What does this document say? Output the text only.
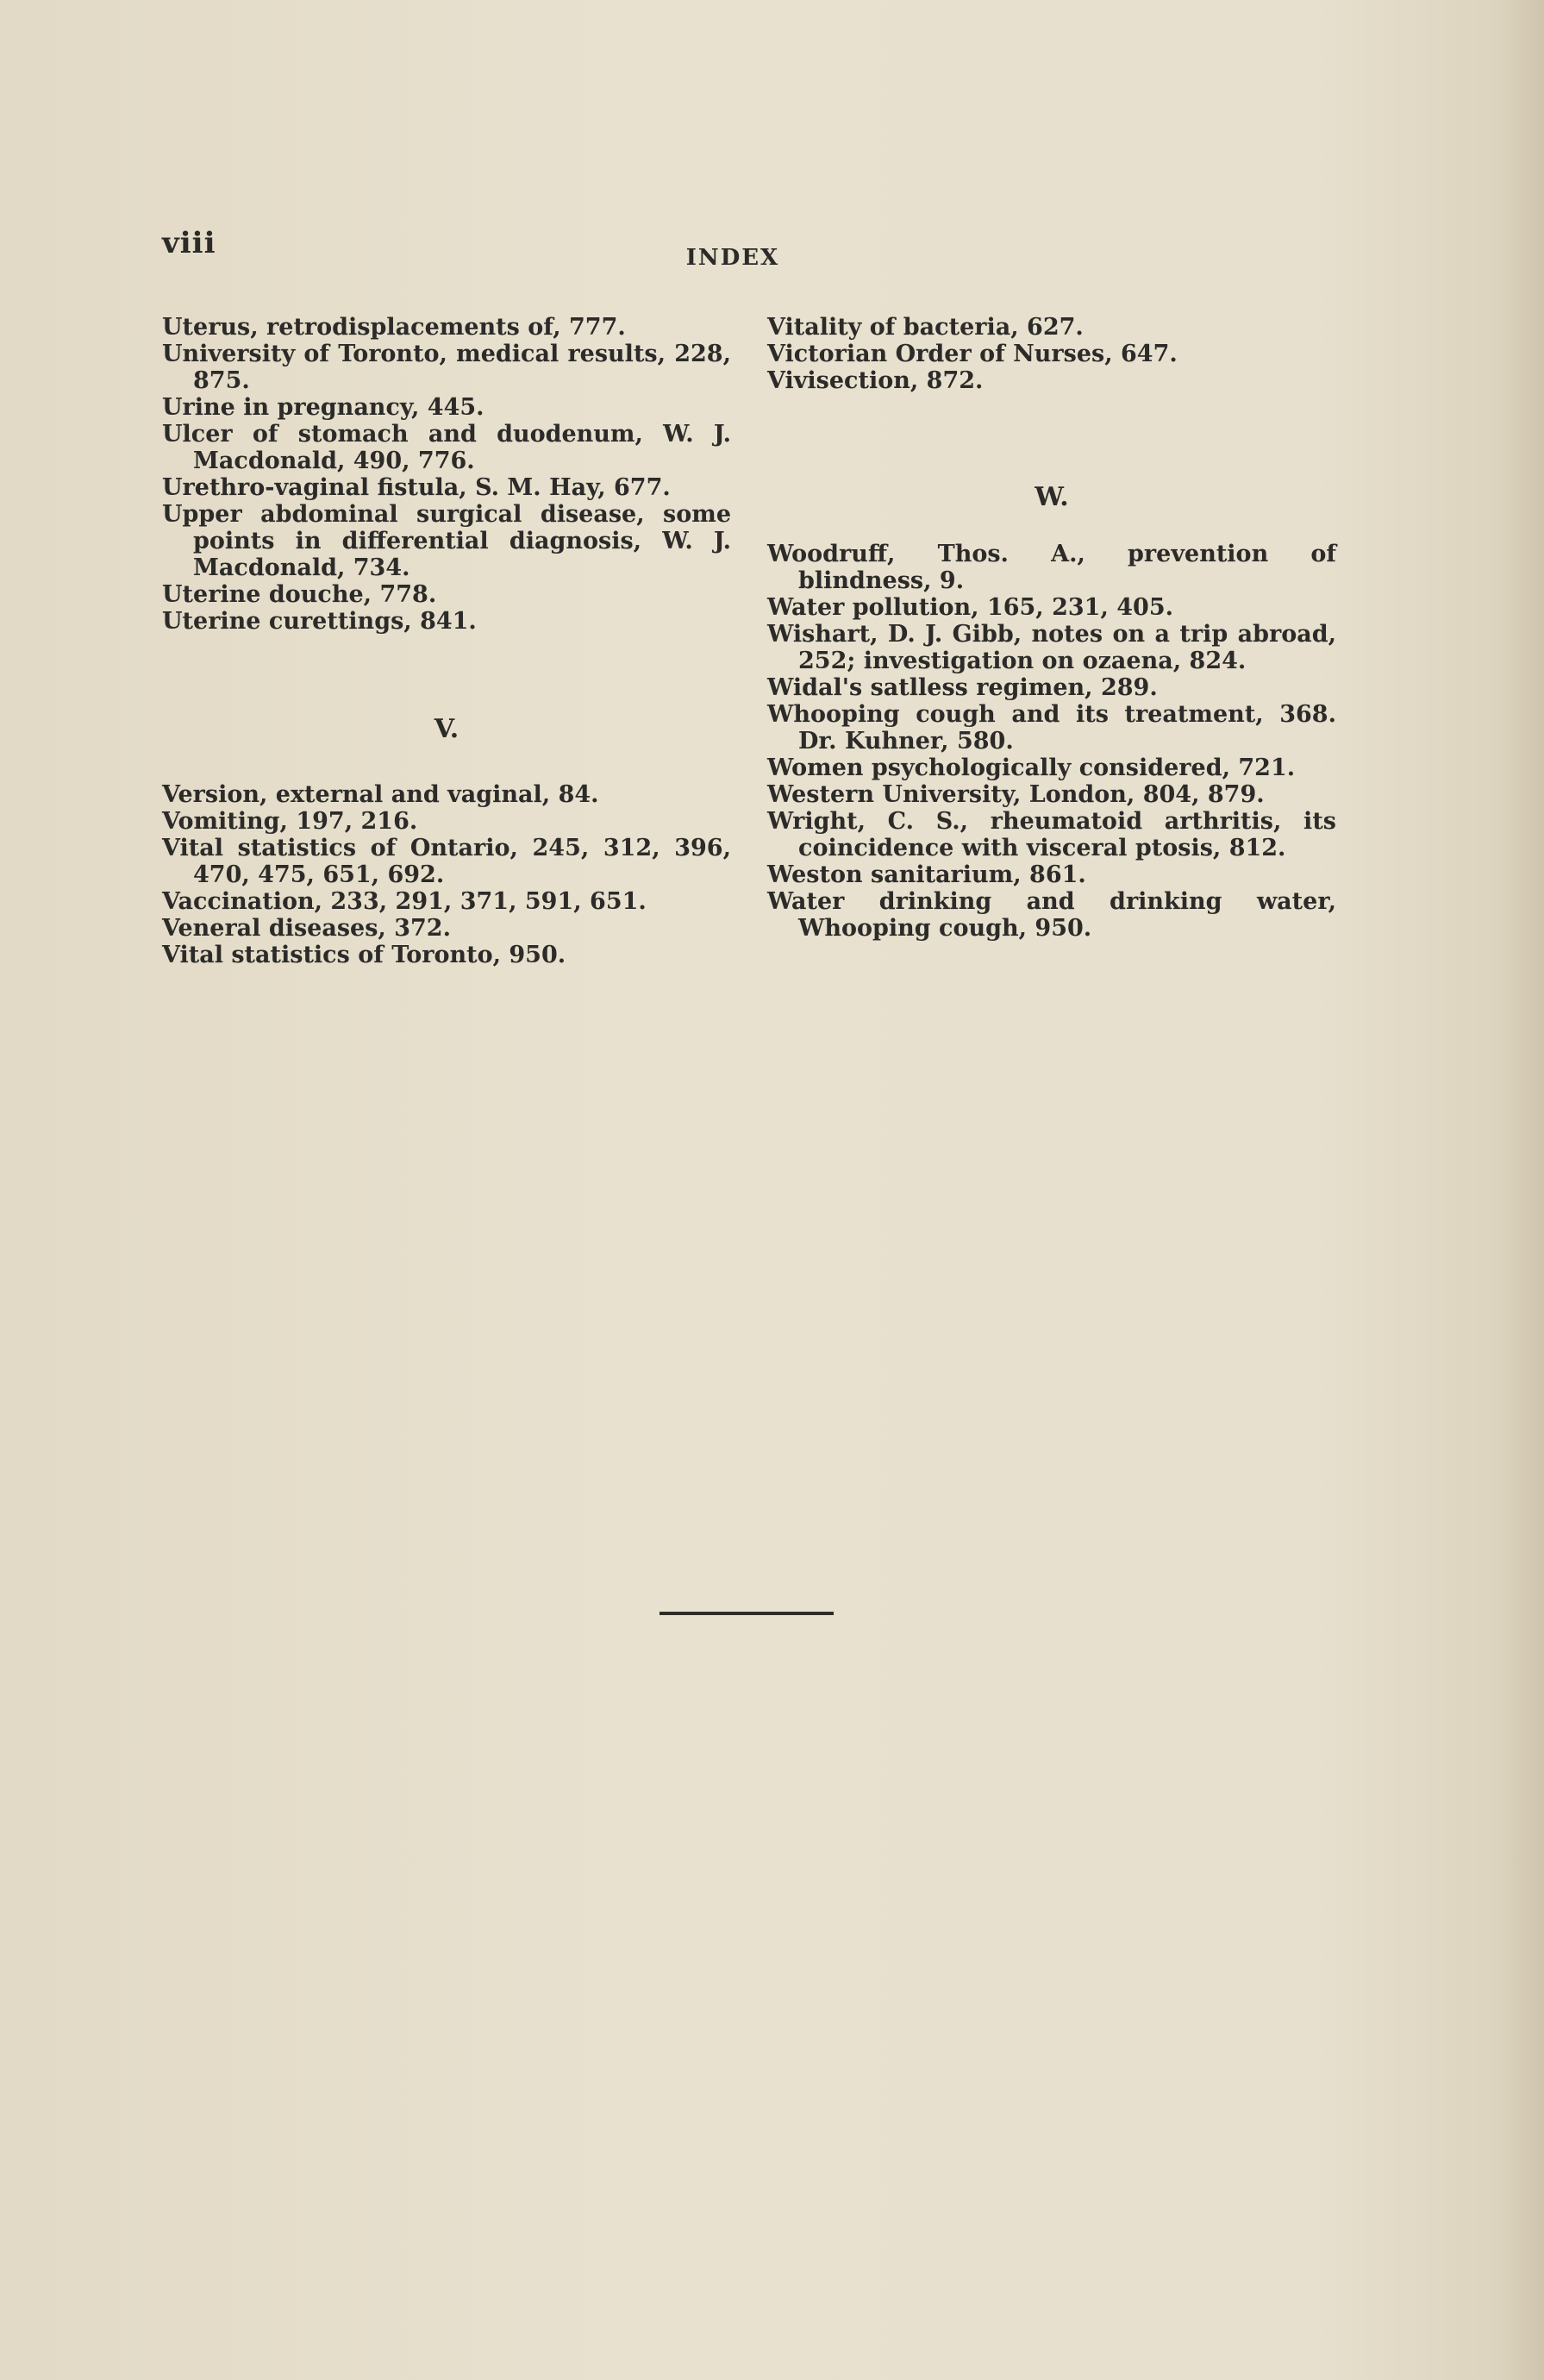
viii	INDEX

Uterus, retrodisplacements of, 777.

University of Toronto, medical results, 228, 875.

Urine in pregnancy, 445.

Ulcer of stomach and duodenum, W. J. Macdonald, 490, 776.

Urethro-vaginal fistula, S. M. Hay, 677.

Upper abdominal surgical disease, some points in differential diagnosis, W. J. Macdonald, 734.

Uterine douche, 778.

Uterine curettings, 841.

V.

Version, external and vaginal, 84.

Vomiting, 197, 216.

Vital statistics of Ontario, 245, 312, 396, 470, 475, 651, 692.

Vaccination, 233, 291, 371, 591, 651.

Veneral diseases, 372.

Vital statistics of Toronto, 950.

Vitality of bacteria, 627.

Victorian Order of Nurses, 647.

Vivisection, 872.

W.

Woodruff, Thos. A., prevention of blindness, 9.

Water pollution, 165, 231, 405.

Wishart, D. J. Gibb, notes on a trip abroad, 252; investigation on ozaena, 824.

Widal's satlless regimen, 289.

Whooping cough and its treatment, 368. Dr. Kuhner, 580.

Women psychologically considered, 721.

Western University, London, 804, 879.

Wright, C. S., rheumatoid arthritis, its coincidence with visceral ptosis, 812.

Weston sanitarium, 861.

Water drinking and drinking water, Whooping cough, 950.
